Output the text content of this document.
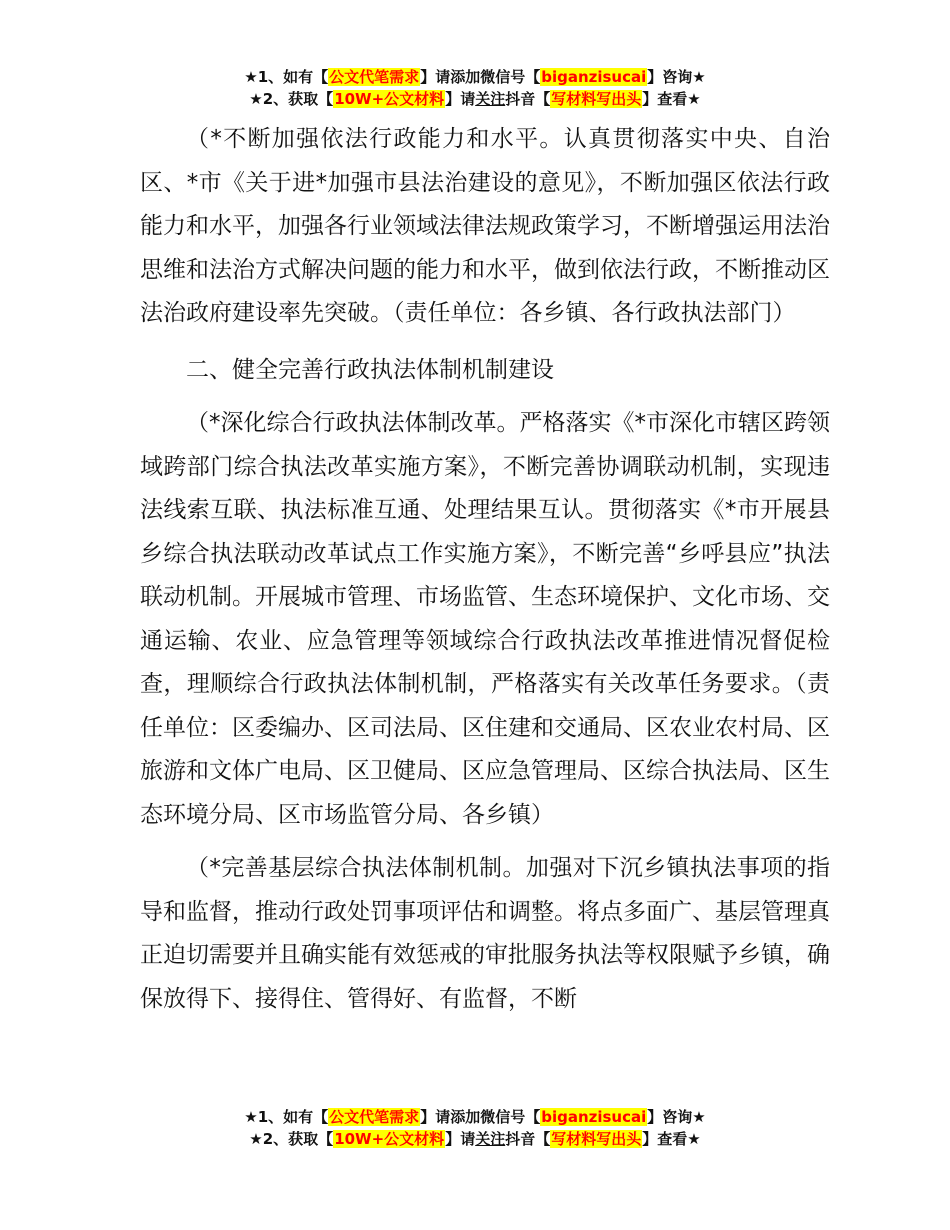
★1、如有【公文代笔需求】请添加微信号【biganzisucai】咨询★
★2、获取【10W+公文材料】请关注抖音【写材料写出头】查看★

（*不断加强依法行政能力和水平。认真贯彻落实中央、自治区、*市《关于进*加强市县法治建设的意见》，不断加强区依法行政能力和水平，加强各行业领域法律法规政策学习，不断增强运用法治思维和法治方式解决问题的能力和水平，做到依法行政，不断推动区法治政府建设率先突破。（责任单位：各乡镇、各行政执法部门）

二、健全完善行政执法体制机制建设

（*深化综合行政执法体制改革。严格落实《*市深化市辖区跨领域跨部门综合执法改革实施方案》，不断完善协调联动机制，实现违法线索互联、执法标准互通、处理结果互认。贯彻落实《*市开展县乡综合执法联动改革试点工作实施方案》，不断完善“乡呼县应”执法联动机制。开展城市管理、市场监管、生态环境保护、文化市场、交通运输、农业、应急管理等领域综合行政执法改革推进情况督促检查，理顺综合行政执法体制机制，严格落实有关改革任务要求。（责任单位：区委编办、区司法局、区住建和交通局、区农业农村局、区旅游和文体广电局、区卫健局、区应急管理局、区综合执法局、区生态环境分局、区市场监管分局、各乡镇）

（*完善基层综合执法体制机制。加强对下沉乡镇执法事项的指导和监督，推动行政处罚事项评估和调整。将点多面广、基层管理真正迫切需要并且确实能有效惩戒的审批服务执法等权限赋予乡镇，确保放得下、接得住、管得好、有监督，不断

★1、如有【公文代笔需求】请添加微信号【biganzisucai】咨询★
★2、获取【10W+公文材料】请关注抖音【写材料写出头】查看★
